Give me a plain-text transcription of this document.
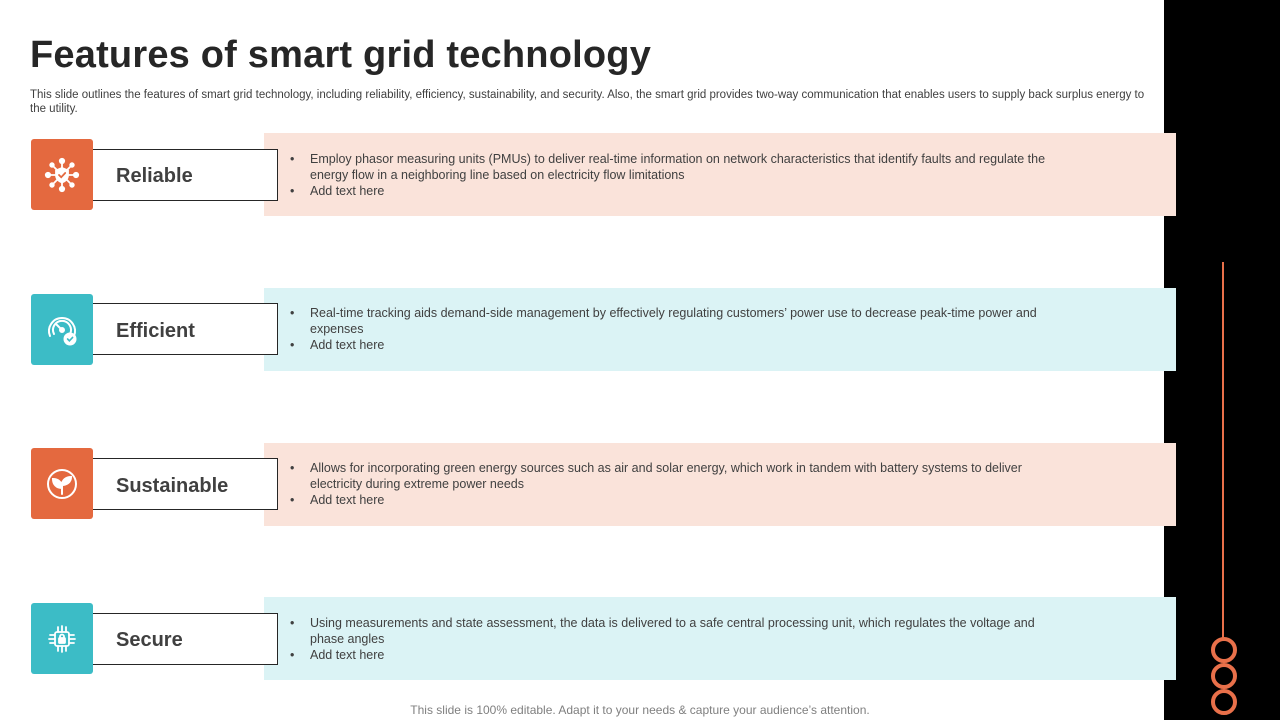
Features of smart grid technology
This slide outlines the features of smart grid technology, including reliability, efficiency, sustainability, and security. Also, the smart grid provides two-way communication that enables users to supply back surplus energy to the utility.
• Employ phasor measuring units (PMUs) to deliver real-time information on network characteristics that identify faults and regulate the energy flow in a neighboring line based on electricity flow limitations
• Add text here
Reliable
• Real-time tracking aids demand-side management by effectively regulating customers’ power use to decrease peak-time power and expenses
• Add text here
Efficient
• Allows for incorporating green energy sources such as air and solar energy, which work in tandem with battery systems to deliver electricity during extreme power needs
• Add text here
Sustainable
• Using measurements and state assessment, the data is delivered to a safe central processing unit, which regulates the voltage and phase angles
• Add text here
Secure
This slide is 100% editable. Adapt it to your needs & capture your audience’s attention.
